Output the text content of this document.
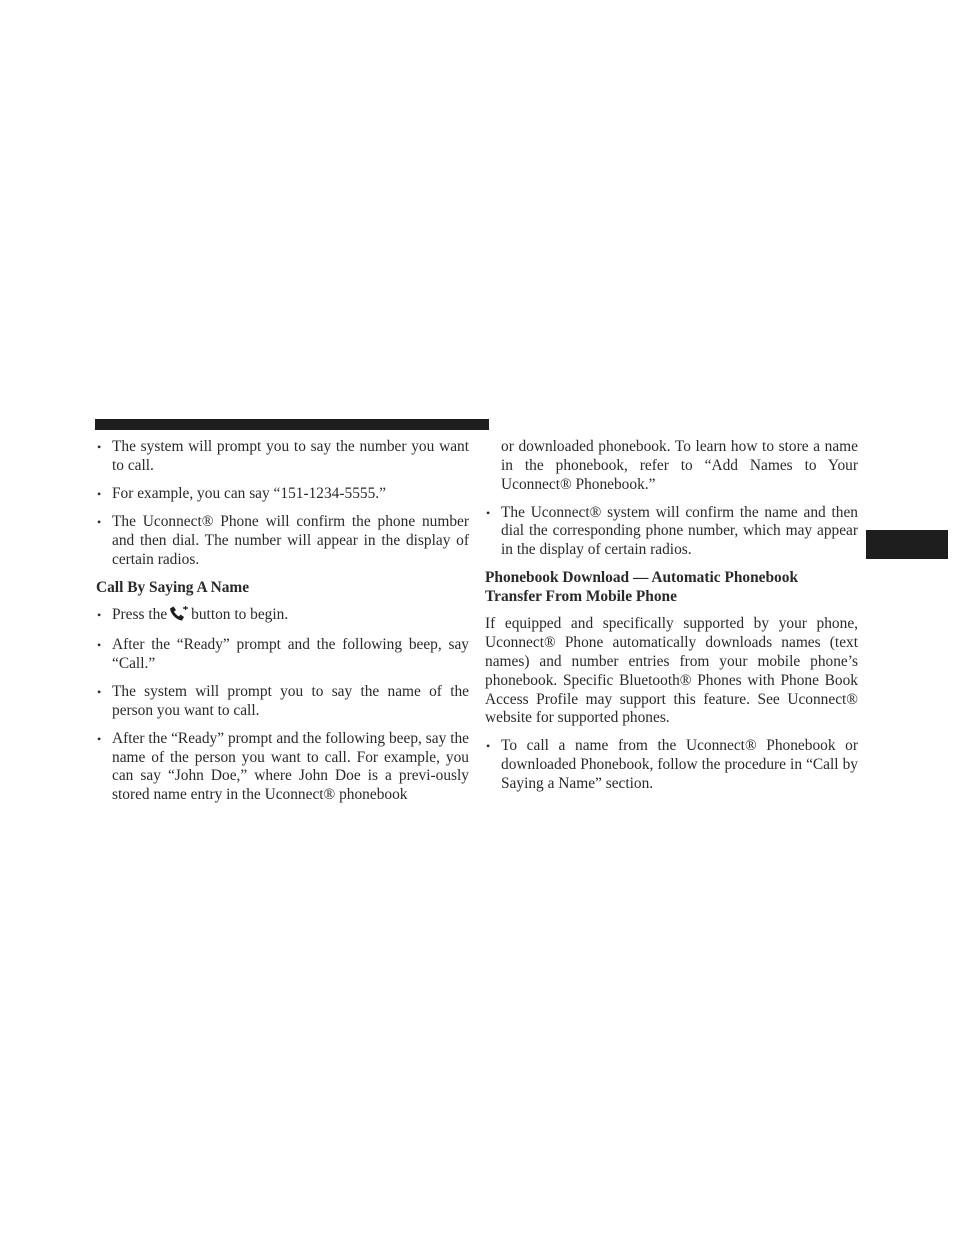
• The system will prompt you to say the number you want to call.
• For example, you can say “151-1234-5555.”
• The Uconnect® Phone will confirm the phone number and then dial. The number will appear in the display of certain radios.
Call By Saying A Name
• Press the button to begin.
• After the “Ready” prompt and the following beep, say “Call.”
• The system will prompt you to say the name of the person you want to call.
• After the “Ready” prompt and the following beep, say the name of the person you want to call. For example, you can say “John Doe,” where John Doe is a previ-ously stored name entry in the Uconnect® phonebook

or downloaded phonebook. To learn how to store a name in the phonebook, refer to “Add Names to Your Uconnect® Phonebook.”

• The Uconnect® system will confirm the name and then dial the corresponding phone number, which may appear in the display of certain radios.
Phonebook Download — Automatic Phonebook Transfer From Mobile Phone

If equipped and specifically supported by your phone, Uconnect® Phone automatically downloads names (text names) and number entries from your mobile phone’s phonebook. Specific Bluetooth® Phones with Phone Book Access Profile may support this feature. See Uconnect® website for supported phones.

• To call a name from the Uconnect® Phonebook or downloaded Phonebook, follow the procedure in “Call by Saying a Name” section.
